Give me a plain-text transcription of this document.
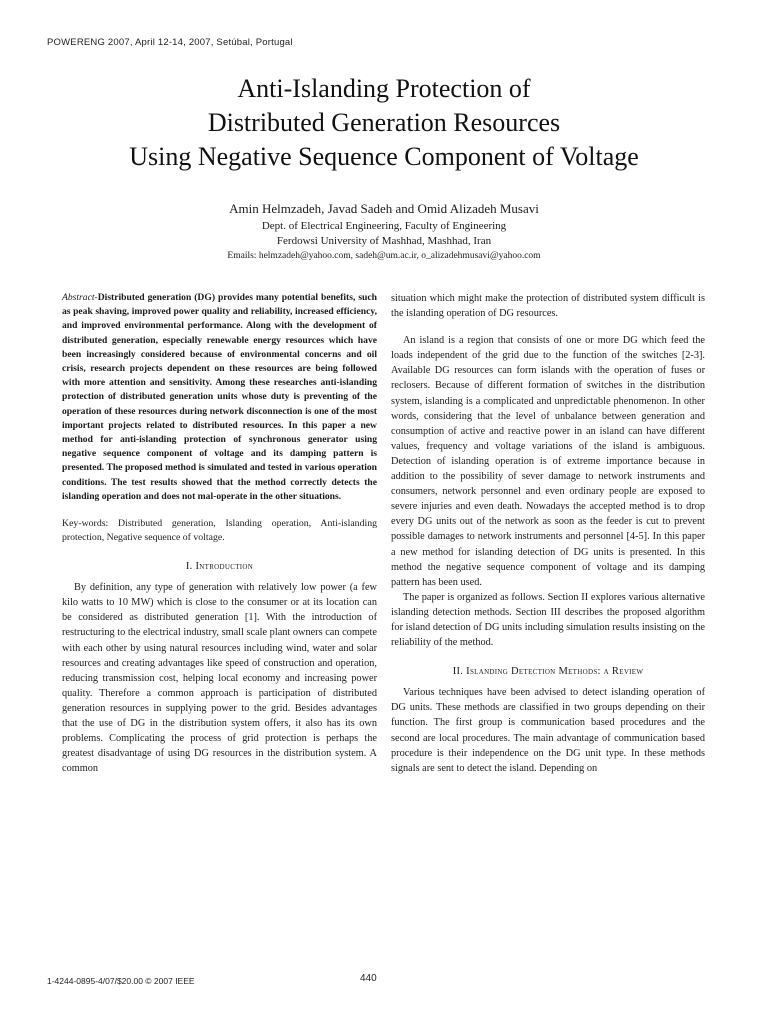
POWERENG 2007, April 12-14, 2007, Setúbal, Portugal
Anti-Islanding Protection of
Distributed Generation Resources
Using Negative Sequence Component of Voltage
Amin Helmzadeh, Javad Sadeh and Omid Alizadeh Musavi
Dept. of Electrical Engineering, Faculty of Engineering
Ferdowsi University of Mashhad, Mashhad, Iran
Emails: helmzadeh@yahoo.com, sadeh@um.ac.ir, o_alizadehmusavi@yahoo.com

Abstract-Distributed generation (DG) provides many potential benefits, such as peak shaving, improved power quality and reliability, increased efficiency, and improved environmental performance. Along with the development of distributed generation, especially renewable energy resources which have been increasingly considered because of environmental concerns and oil crisis, research projects dependent on these resources are being followed with more attention and sensitivity. Among these researches anti-islanding protection of distributed generation units whose duty is preventing of the operation of these resources during network disconnection is one of the most important projects related to distributed resources. In this paper a new method for anti-islanding protection of synchronous generator using negative sequence component of voltage and its damping pattern is presented. The proposed method is simulated and tested in various operation conditions. The test results showed that the method correctly detects the islanding operation and does not mal-operate in the other situations.

Key-words: Distributed generation, Islanding operation, Anti-islanding protection, Negative sequence of voltage.

I. Introduction

By definition, any type of generation with relatively low power (a few kilo watts to 10 MW) which is close to the consumer or at its location can be considered as distributed generation [1]. With the introduction of restructuring to the electrical industry, small scale plant owners can compete with each other by using natural resources including wind, water and solar resources and creating advantages like speed of construction and operation, reducing transmission cost, helping local economy and increasing power quality. Therefore a common approach is participation of distributed generation resources in supplying power to the grid. Besides advantages that the use of DG in the distribution system offers, it also has its own problems. Complicating the process of grid protection is perhaps the greatest disadvantage of using DG resources in the distribution system. A common

situation which might make the protection of distributed system difficult is the islanding operation of DG resources.

An island is a region that consists of one or more DG which feed the loads independent of the grid due to the function of the switches [2-3]. Available DG resources can form islands with the operation of fuses or reclosers. Because of different formation of switches in the distribution system, islanding is a complicated and unpredictable phenomenon. In other words, considering that the level of unbalance between generation and consumption of active and reactive power in an island can have different values, frequency and voltage variations of the island is ambiguous. Detection of islanding operation is of extreme importance because in addition to the possibility of sever damage to network instruments and consumers, network personnel and even ordinary people are exposed to severe injuries and even death. Nowadays the accepted method is to drop every DG units out of the network as soon as the feeder is cut to prevent possible damages to network instruments and personnel [4-5]. In this paper a new method for islanding detection of DG units is presented. In this method the negative sequence component of voltage and its damping pattern has been used.

The paper is organized as follows. Section II explores various alternative islanding detection methods. Section III describes the proposed algorithm for island detection of DG units including simulation results insisting on the reliability of the method.

II. Islanding Detection Methods: a Review

Various techniques have been advised to detect islanding operation of DG units. These methods are classified in two groups depending on their function. The first group is communication based procedures and the second are local procedures. The main advantage of communication based procedure is their independence on the DG unit type. In these methods signals are sent to detect the island. Depending on

1-4244-0895-4/07/$20.00 © 2007 IEEE	440
